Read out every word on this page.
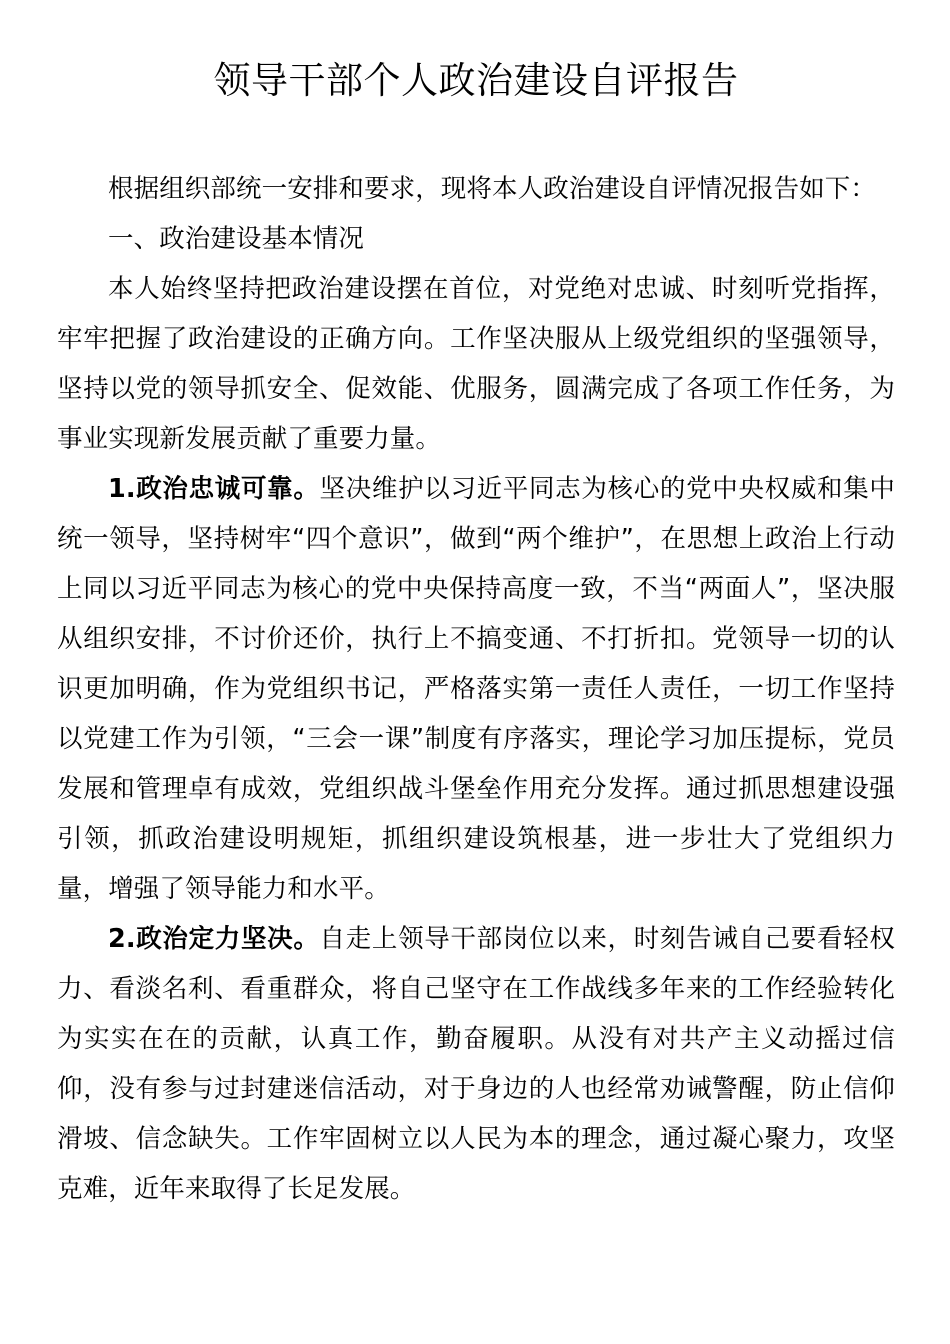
领导干部个人政治建设自评报告

根据组织部统一安排和要求，现将本人政治建设自评情况报告如下：

一、政治建设基本情况

本人始终坚持把政治建设摆在首位，对党绝对忠诚、时刻听党指挥，牢牢把握了政治建设的正确方向。工作坚决服从上级党组织的坚强领导，坚持以党的领导抓安全、促效能、优服务，圆满完成了各项工作任务，为事业实现新发展贡献了重要力量。

1.政治忠诚可靠。坚决维护以习近平同志为核心的党中央权威和集中统一领导，坚持树牢“四个意识”，做到“两个维护”，在思想上政治上行动上同以习近平同志为核心的党中央保持高度一致，不当“两面人”，坚决服从组织安排，不讨价还价，执行上不搞变通、不打折扣。党领导一切的认识更加明确，作为党组织书记，严格落实第一责任人责任，一切工作坚持以党建工作为引领，“三会一课”制度有序落实，理论学习加压提标，党员发展和管理卓有成效，党组织战斗堡垒作用充分发挥。通过抓思想建设强引领，抓政治建设明规矩，抓组织建设筑根基，进一步壮大了党组织力量，增强了领导能力和水平。

2.政治定力坚决。自走上领导干部岗位以来，时刻告诫自己要看轻权力、看淡名利、看重群众，将自己坚守在工作战线多年来的工作经验转化为实实在在的贡献，认真工作，勤奋履职。从没有对共产主义动摇过信仰，没有参与过封建迷信活动，对于身边的人也经常劝诫警醒，防止信仰滑坡、信念缺失。工作牢固树立以人民为本的理念，通过凝心聚力，攻坚克难，近年来取得了长足发展。
